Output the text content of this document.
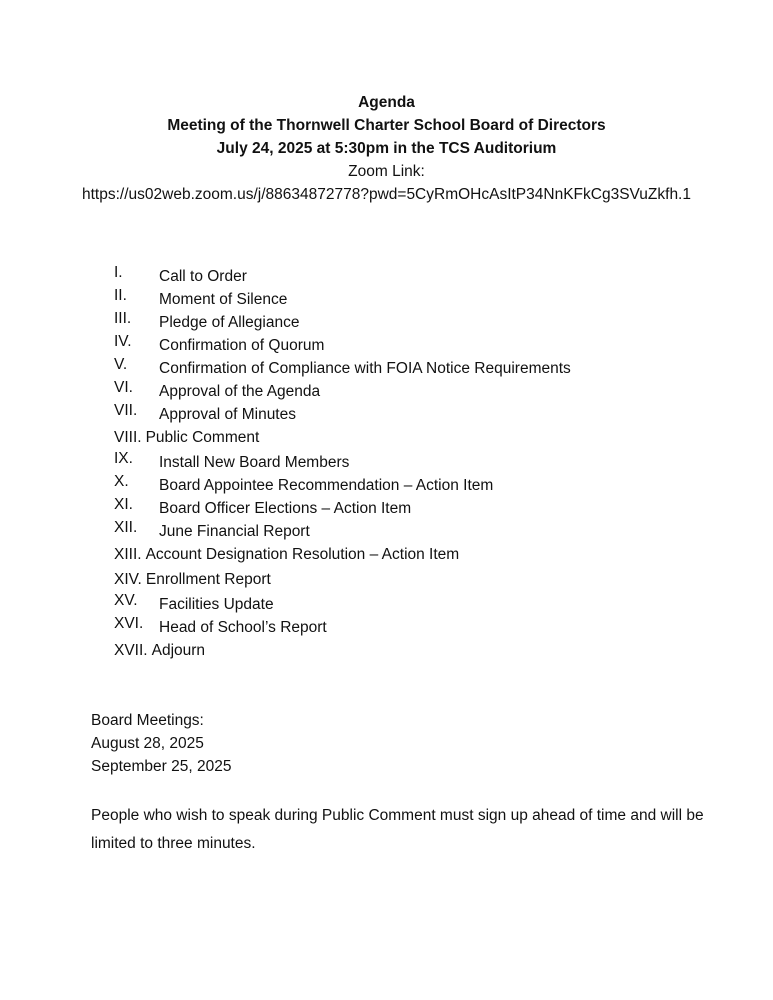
Agenda
Meeting of the Thornwell Charter School Board of Directors
July 24, 2025 at 5:30pm in the TCS Auditorium
Zoom Link:
https://us02web.zoom.us/j/88634872778?pwd=5CyRmOHcAsItP34NnKFkCg3SVuZkfh.1
I. Call to Order
II. Moment of Silence
III. Pledge of Allegiance
IV. Confirmation of Quorum
V. Confirmation of Compliance with FOIA Notice Requirements
VI. Approval of the Agenda
VII. Approval of Minutes
VIII. Public Comment
IX. Install New Board Members
X. Board Appointee Recommendation – Action Item
XI. Board Officer Elections – Action Item
XII. June Financial Report
XIII. Account Designation Resolution – Action Item
XIV. Enrollment Report
XV. Facilities Update
XVI. Head of School’s Report
XVII. Adjourn
Board Meetings:
August 28, 2025
September 25, 2025
People who wish to speak during Public Comment must sign up ahead of time and will be limited to three minutes.
